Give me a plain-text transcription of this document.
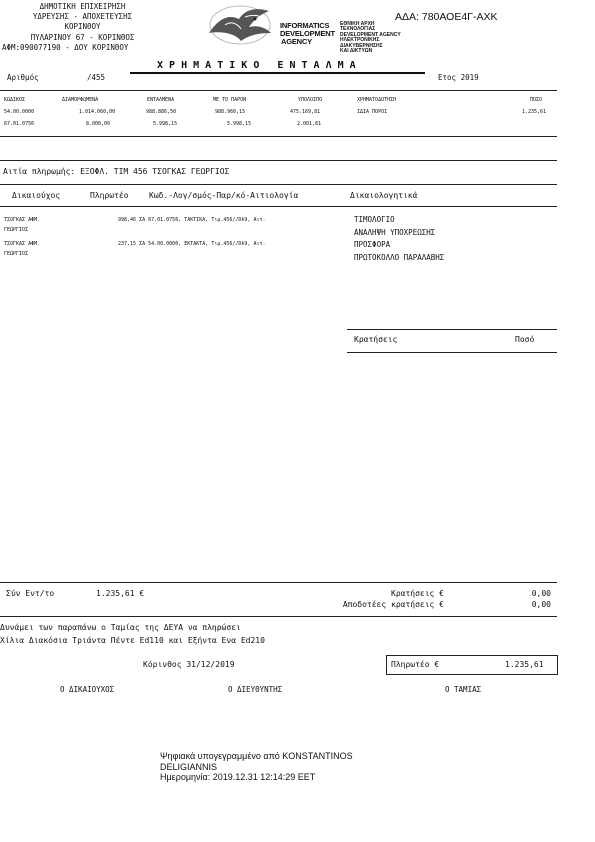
ΔΗΜΟΤΙΚΗ ΕΠΙΧΕΙΡΗΣΗ
ΥΔΡΕΥΣΗΣ - ΑΠΟΧΕΤΕΥΣΗΣ
ΚΟΡΙΝΘΟΥ
ΠΥΛΑΡΙΝΟΥ 67 - ΚΟΡΙΝΘΟΣ
ΑΦΜ:090077190 - ΔΟΥ ΚΟΡΙΝΘΟΥ
INFORMATICS
DEVELOPMENT
AGENCY
ΕΘΝΙΚΗ ΑΡΧΗ
ΤΕΧΝΟΛΟΓΙΑΣ
DEVELOPMENT AGENCY
ΗΛΕΚΤΡΟΝΙΚΗΣ
ΔΙΑΚΥΒΕΡΝΗΣΗΣ
ΚΑΙ ΔΙΚΤΥΩΝ
ΑΔΑ: 780ΑΟΕ4Γ-ΑΧΚ
Χ Ρ Η Μ Α Τ Ι Κ Ο   Ε Ν Τ Α Λ Μ Α
Αριθμός	/455	Ετος 2019
ΚΩΔΙΚΟΣ	ΔΙΑΜΟΡΦΩΜΕΝΑ	ΕΝΤΑΛΜΕΝΑ	ΜΕ ΤΟ ΠΑΡΟΝ	ΥΠΟΛΟΙΠΟ	ΧΡΗΜΑΤΟΔΟΤΗΣΗ	ΠΟΣΟ
54.00.0000	1.014.060,00	988.886,50	988.960,15	475.169,81	ΙΔΙΑ ΠΟΡΟΙ	1.235,61
67.01.0756	8.000,00	5.998,15	5.998,15	2.001,81
Αιτία πληρωμής: ΕΞΟΦΛ. ΤΙΜ 456 ΤΣΟΓΚΑΣ ΓΕΩΡΓΙΟΣ
Δικαιούχος	Πληρωτέο	Κωδ.-Λογ/σμός-Παρ/κό-Αιτιολογία	Δικαιολογητικά
ΤΣΟΓΚΑΣ ΑΦΜ.	998,46 ΣΑ 67.01.0756, ΤΑΚΤΙΚΑ, Τιμ.456//Dk9, Αιτ.
ΓΕΩΡΓΙΟΣ
ΤΣΟΓΚΑΣ ΑΦΜ.	237,15 ΣΑ 54.00.0000, ΕΚΤΑΚΤΑ, Τιμ.456//Dk9, Αιτ.
ΓΕΩΡΓΙΟΣ
ΤΙΜΟΛΟΓΙΟ
ΑΝΑΛΗΨΗ ΥΠΟΧΡΕΩΣΗΣ
ΠΡΟΣΦΟΡΑ
ΠΡΩΤΟΚΟΛΛΟ ΠΑΡΑΛΑΒΗΣ
Κρατήσεις	Ποσό
Σύν Εντ/το	1.235,61 €	Κρατήσεις €	0,00
Αποδοτέες κρατήσεις €	0,00
Δυνάμει των παραπάνω ο Ταμίας της ΔΕΥΑ να πληρώσει
Χίλια Διακόσια Τριάντα Πέντε Ed110 και Εξήντα Ενα Ed210
Κόρινθος 31/12/2019	Πληρωτέο €	1.235,61
Ο ΔΙΚΑΙΟΥΧΟΣ	Ο ΔΙΕΥΘΥΝΤΗΣ	Ο ΤΑΜΙΑΣ
Ψηφιακά υπογεγραμμένο από KONSTANTINOS
DELIGIANNIS
Ημερομηνία: 2019.12.31 12:14:29 EET
